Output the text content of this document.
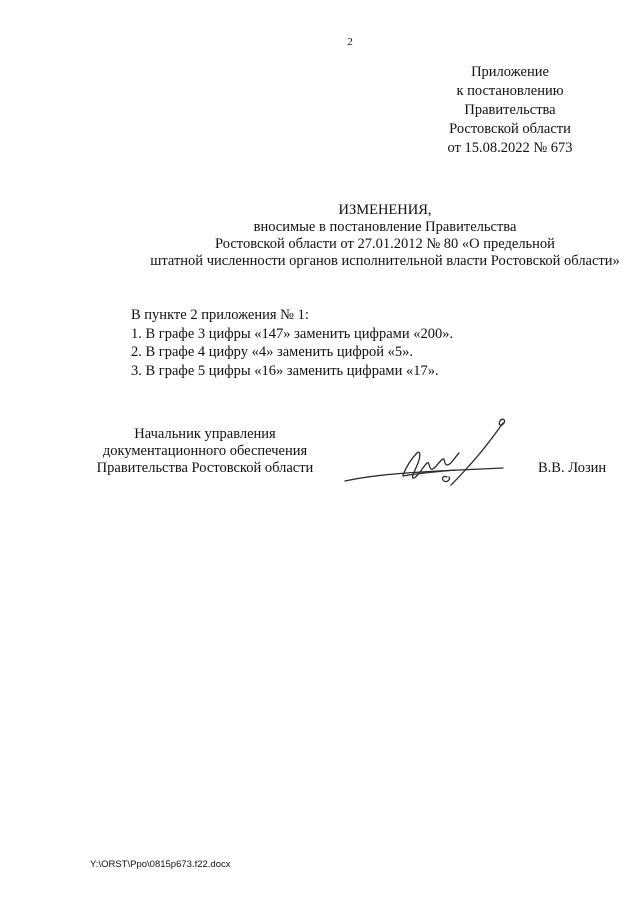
2
Приложение
к постановлению
Правительства
Ростовской области
от 15.08.2022 № 673
ИЗМЕНЕНИЯ,
вносимые в постановление Правительства
Ростовской области от 27.01.2012 № 80 «О предельной
штатной численности органов исполнительной власти Ростовской области»
В пункте 2 приложения № 1:
1. В графе 3 цифры «147» заменить цифрами «200».
2. В графе 4 цифру «4» заменить цифрой «5».
3. В графе 5 цифры «16» заменить цифрами «17».
Начальник управления
документационного обеспечения
Правительства Ростовской области	В.В. Лозин
Y:\ORST\Ppo\0815p673.f22.docx
